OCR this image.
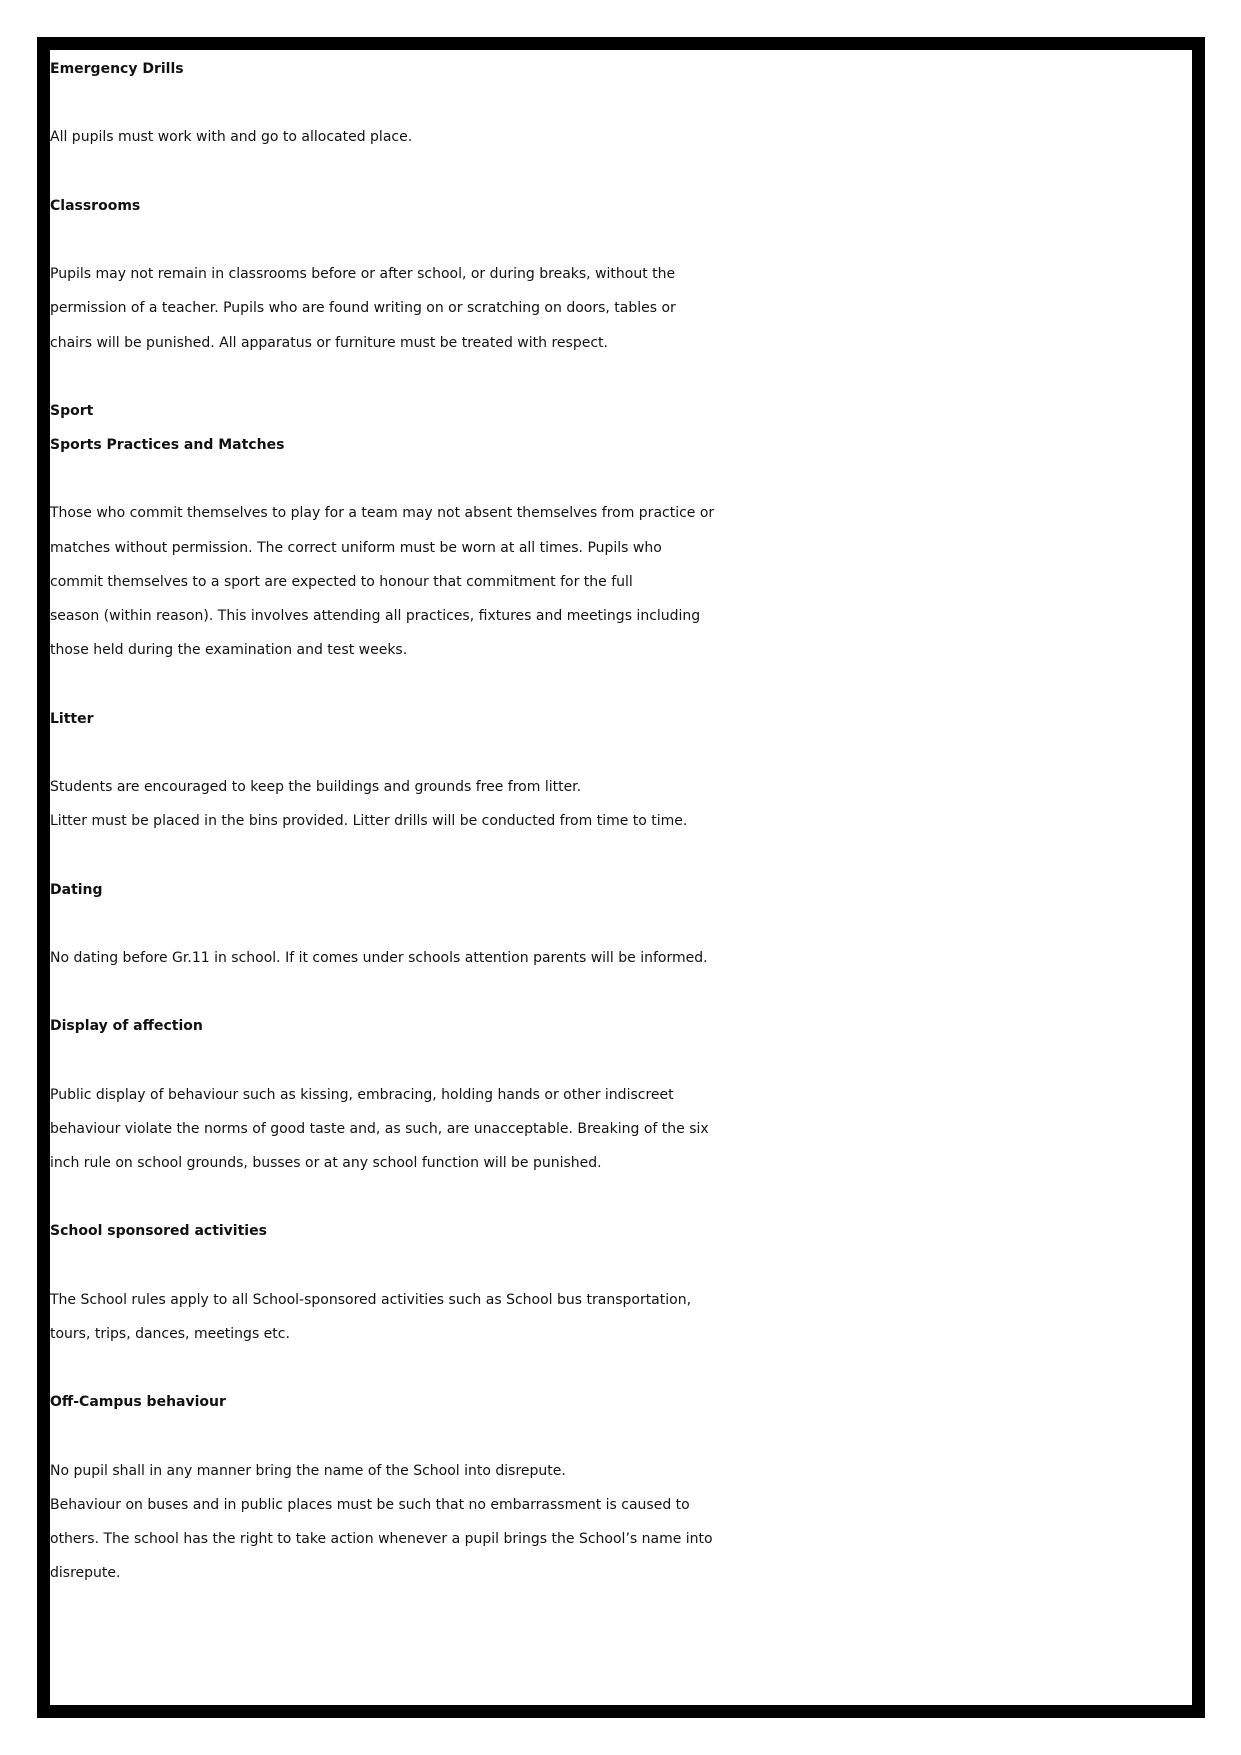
Emergency Drills
All pupils must work with and go to allocated place.
Classrooms
Pupils may not remain in classrooms before or after school, or during breaks, without the
permission of a teacher. Pupils who are found writing on or scratching on doors, tables or
chairs will be punished. All apparatus or furniture must be treated with respect.
Sport
Sports Practices and Matches
Those who commit themselves to play for a team may not absent themselves from practice or
matches without permission. The correct uniform must be worn at all times. Pupils who
commit themselves to a sport are expected to honour that commitment for the full
season (within reason). This involves attending all practices, fixtures and meetings including
those held during the examination and test weeks.
Litter
Students are encouraged to keep the buildings and grounds free from litter.
Litter must be placed in the bins provided. Litter drills will be conducted from time to time.
Dating
No dating before Gr.11 in school. If it comes under schools attention parents will be informed.
Display of affection
Public display of behaviour such as kissing, embracing, holding hands or other indiscreet
behaviour violate the norms of good taste and, as such, are unacceptable. Breaking of the six
inch rule on school grounds, busses or at any school function will be punished.
School sponsored activities
The School rules apply to all School-sponsored activities such as School bus transportation,
tours, trips, dances, meetings etc.
Off-Campus behaviour
No pupil shall in any manner bring the name of the School into disrepute.
Behaviour on buses and in public places must be such that no embarrassment is caused to
others. The school has the right to take action whenever a pupil brings the School’s name into
disrepute.
